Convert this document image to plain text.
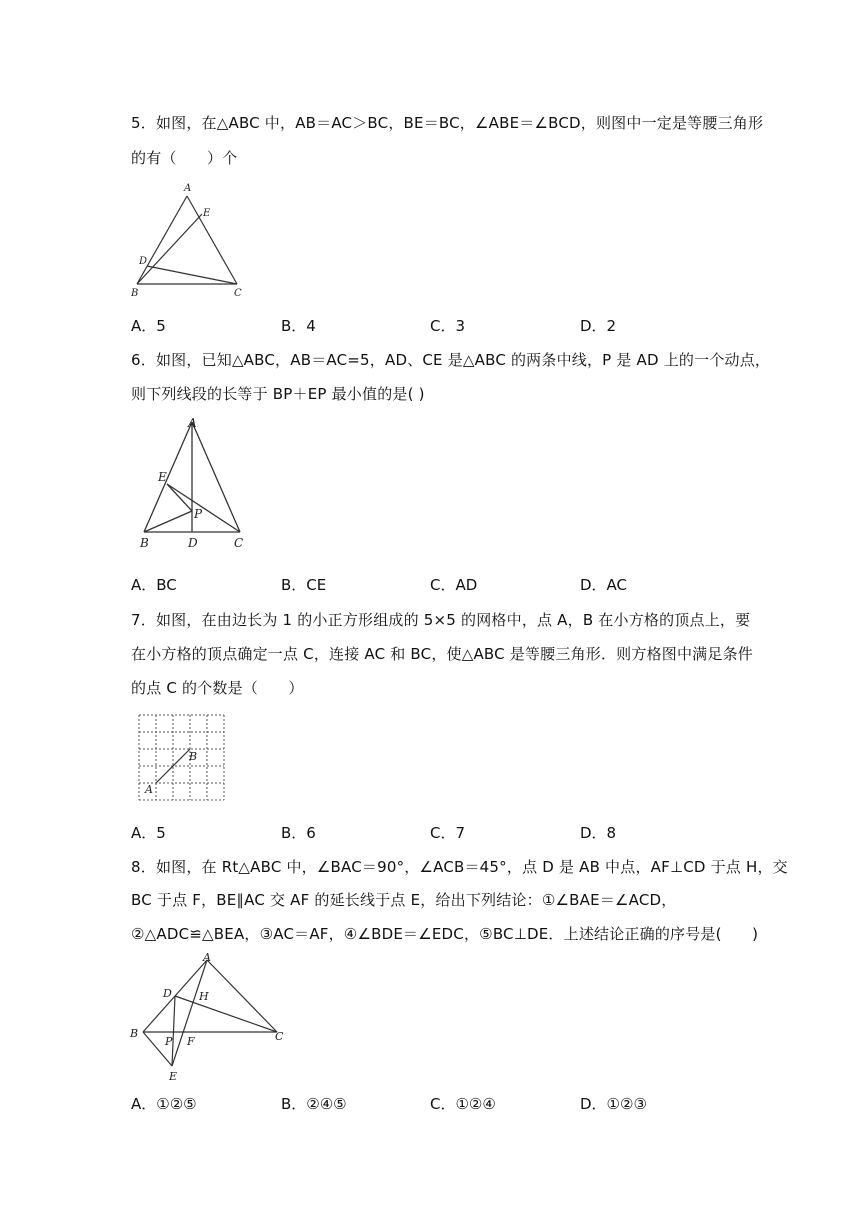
5．如图，在△ABC 中，AB＝AC＞BC，BE＝BC，∠ABE＝∠BCD，则图中一定是等腰三角形
的有（　　）个
A
E
D
B	C
A．5	B．4	C．3	D．2
6．如图，已知△ABC，AB＝AC=5，AD、CE 是△ABC 的两条中线，P 是 AD 上的一个动点，
则下列线段的长等于 BP＋EP 最小值的是( )
A
E
P
B	D	C
A．BC	B．CE	C．AD	D．AC
7．如图，在由边长为 1 的小正方形组成的 5×5 的网格中，点 A，B 在小方格的顶点上，要
在小方格的顶点确定一点 C，连接 AC 和 BC，使△ABC 是等腰三角形．则方格图中满足条件
的点 C 的个数是（　　）
A
B
A．5	B．6	C．7	D．8
8．如图，在 Rt△ABC 中，∠BAC＝90°，∠ACB＝45°，点 D 是 AB 中点，AF⊥CD 于点 H，交
BC 于点 F，BE∥AC 交 AF 的延长线于点 E，给出下列结论：①∠BAE＝∠ACD，
②△ADC≌△BEA，③AC＝AF，④∠BDE＝∠EDC，⑤BC⊥DE．上述结论正确的序号是(　　)
A
D H
B	C
P F
E
A．①②⑤	B．②④⑤	C．①②④	D．①②③
